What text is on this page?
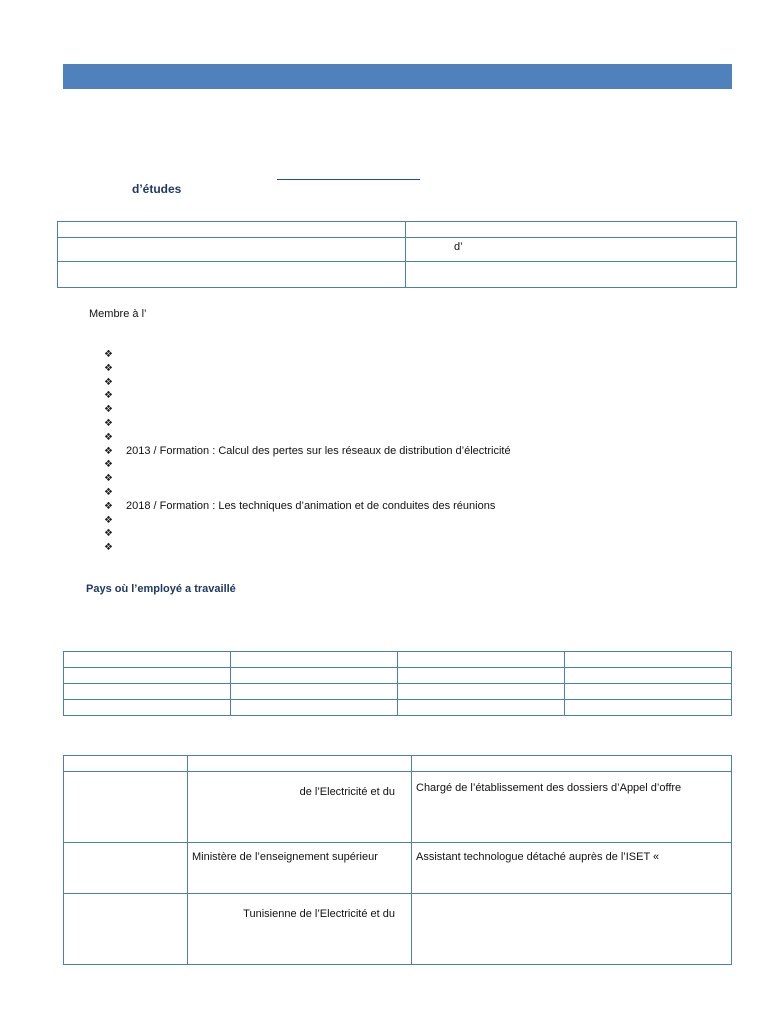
d’études

	d’

Membre à l’
❖
❖
❖
❖
❖
❖
❖
❖ 2013 / Formation : Calcul des pertes sur les réseaux de distribution d’électricité
❖
❖
❖
❖ 2018 / Formation : Les techniques d’animation et de conduites des réunions
❖
❖
❖
Pays où l’employé a travaillé

	de l’Electricité et du	Chargé de l’établissement des dossiers d’Appel d’offre
	Ministère de l’enseignement supérieur	Assistant technologue détaché auprès de l’ISET «
	Tunisienne de l’Electricité et du	
